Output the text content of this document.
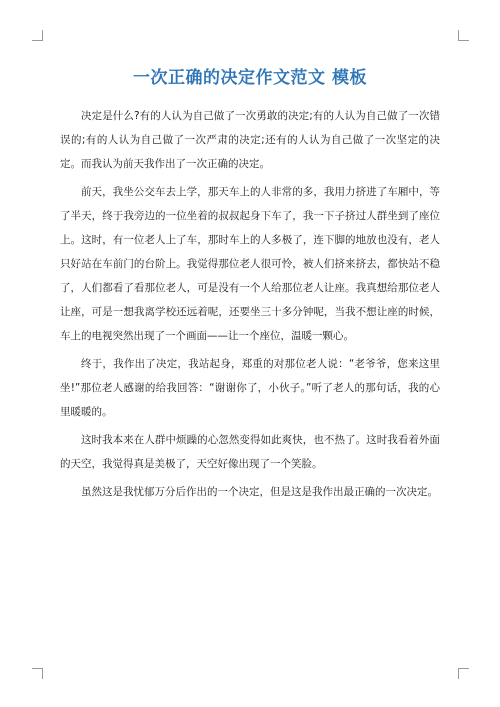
一次正确的决定作文范文 模板

决定是什么?有的人认为自己做了一次勇敢的决定;有的人认为自己做了一次错误的;有的人认为自己做了一次严肃的决定;还有的人认为自己做了一次坚定的决定。而我认为前天我作出了一次正确的决定。

前天，我坐公交车去上学，那天车上的人非常的多，我用力挤进了车厢中，等了半天，终于我旁边的一位坐着的叔叔起身下车了，我一下子挤过人群坐到了座位上。这时，有一位老人上了车，那时车上的人多极了，连下脚的地放也没有，老人只好站在车前门的台阶上。我觉得那位老人很可怜，被人们挤来挤去，都快站不稳了，人们都看了看那位老人，可是没有一个人给那位老人让座。我真想给那位老人让座，可是一想我离学校还远着呢，还要坐三十多分钟呢，当我不想让座的时候，车上的电视突然出现了一个画面——让一个座位，温暖一颗心。

终于，我作出了决定，我站起身，郑重的对那位老人说：“老爷爷，您来这里坐!”那位老人感谢的给我回答：“谢谢你了，小伙子。”听了老人的那句话，我的心里暖暖的。

这时我本来在人群中烦躁的心忽然变得如此爽快，也不热了。这时我看着外面的天空，我觉得真是美极了，天空好像出现了一个笑脸。

虽然这是我忧郁万分后作出的一个决定，但是这是我作出最正确的一次决定。
